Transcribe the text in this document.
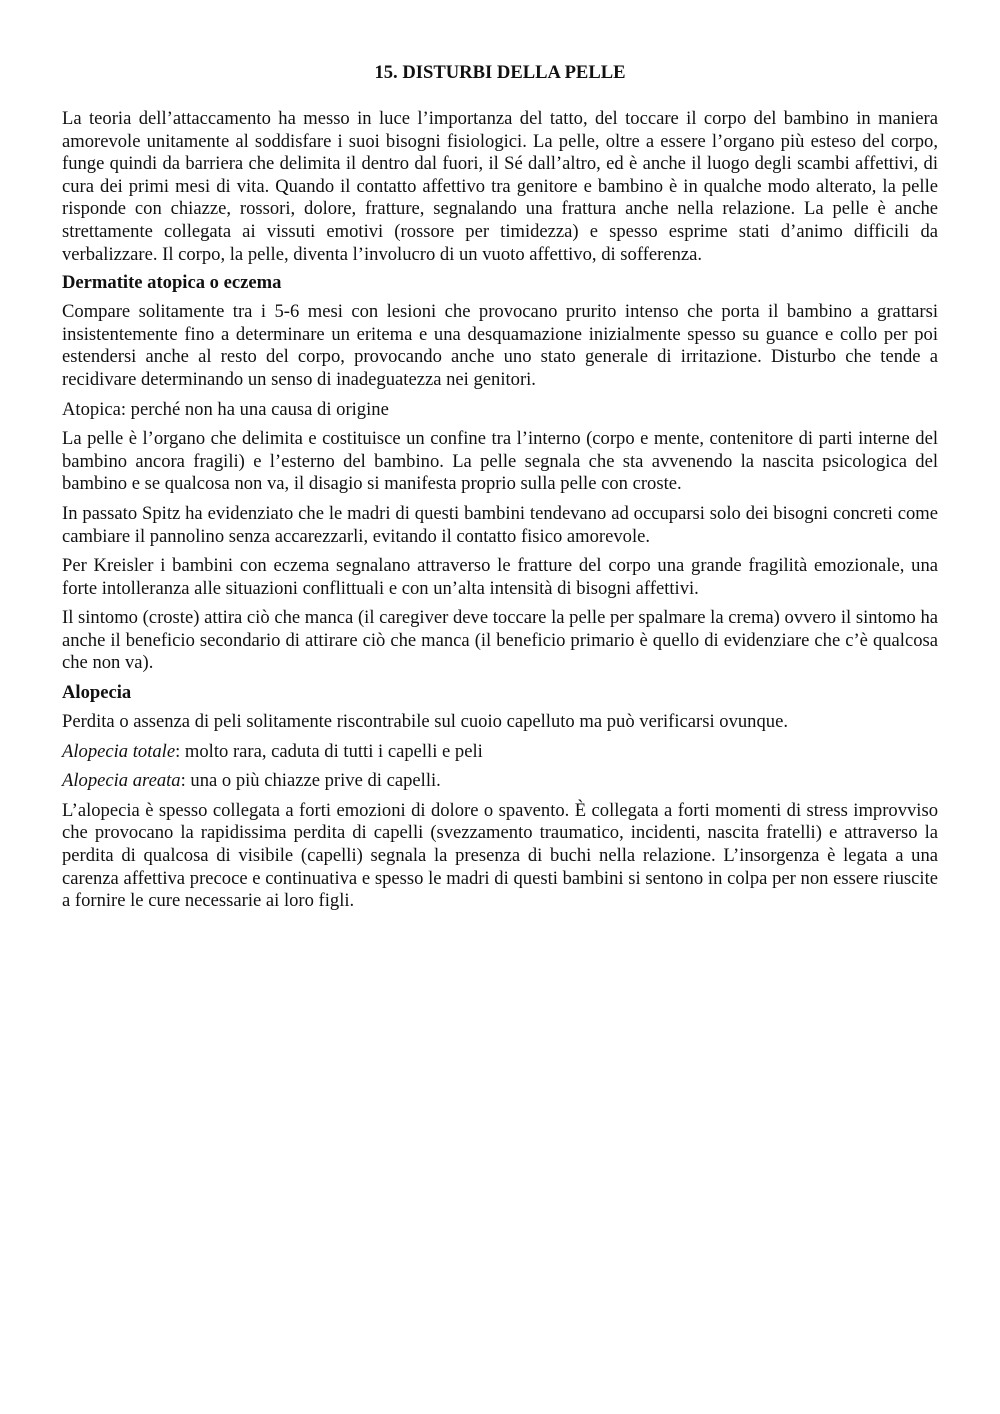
15. DISTURBI DELLA PELLE

La teoria dell’attaccamento ha messo in luce l’importanza del tatto, del toccare il corpo del bambino in maniera amorevole unitamente al soddisfare i suoi bisogni fisiologici. La pelle, oltre a essere l’organo più esteso del corpo, funge quindi da barriera che delimita il dentro dal fuori, il Sé dall’altro, ed è anche il luogo degli scambi affettivi, di cura dei primi mesi di vita. Quando il contatto affettivo tra genitore e bambino è in qualche modo alterato, la pelle risponde con chiazze, rossori, dolore, fratture, segnalando una frattura anche nella relazione. La pelle è anche strettamente collegata ai vissuti emotivi (rossore per timidezza) e spesso esprime stati d’animo difficili da verbalizzare. Il corpo, la pelle, diventa l’involucro di un vuoto affettivo, di sofferenza.

Dermatite atopica o eczema

Compare solitamente tra i 5-6 mesi con lesioni che provocano prurito intenso che porta il bambino a grattarsi insistentemente fino a determinare un eritema e una desquamazione inizialmente spesso su guance e collo per poi estendersi anche al resto del corpo, provocando anche uno stato generale di irritazione. Disturbo che tende a recidivare determinando un senso di inadeguatezza nei genitori.

Atopica: perché non ha una causa di origine

La pelle è l’organo che delimita e costituisce un confine tra l’interno (corpo e mente, contenitore di parti interne del bambino ancora fragili) e l’esterno del bambino. La pelle segnala che sta avvenendo la nascita psicologica del bambino e se qualcosa non va, il disagio si manifesta proprio sulla pelle con croste.

In passato Spitz ha evidenziato che le madri di questi bambini tendevano ad occuparsi solo dei bisogni concreti come cambiare il pannolino senza accarezzarli, evitando il contatto fisico amorevole.

Per Kreisler i bambini con eczema segnalano attraverso le fratture del corpo una grande fragilità emozionale, una forte intolleranza alle situazioni conflittuali e con un’alta intensità di bisogni affettivi.

Il sintomo (croste) attira ciò che manca (il caregiver deve toccare la pelle per spalmare la crema) ovvero il sintomo ha anche il beneficio secondario di attirare ciò che manca (il beneficio primario è quello di evidenziare che c’è qualcosa che non va).

Alopecia

Perdita o assenza di peli solitamente riscontrabile sul cuoio capelluto ma può verificarsi ovunque.

Alopecia totale: molto rara, caduta di tutti i capelli e peli

Alopecia areata: una o più chiazze prive di capelli.

L’alopecia è spesso collegata a forti emozioni di dolore o spavento. È collegata a forti momenti di stress improvviso che provocano la rapidissima perdita di capelli (svezzamento traumatico, incidenti, nascita fratelli) e attraverso la perdita di qualcosa di visibile (capelli) segnala la presenza di buchi nella relazione. L’insorgenza è legata a una carenza affettiva precoce e continuativa e spesso le madri di questi bambini si sentono in colpa per non essere riuscite a fornire le cure necessarie ai loro figli.
